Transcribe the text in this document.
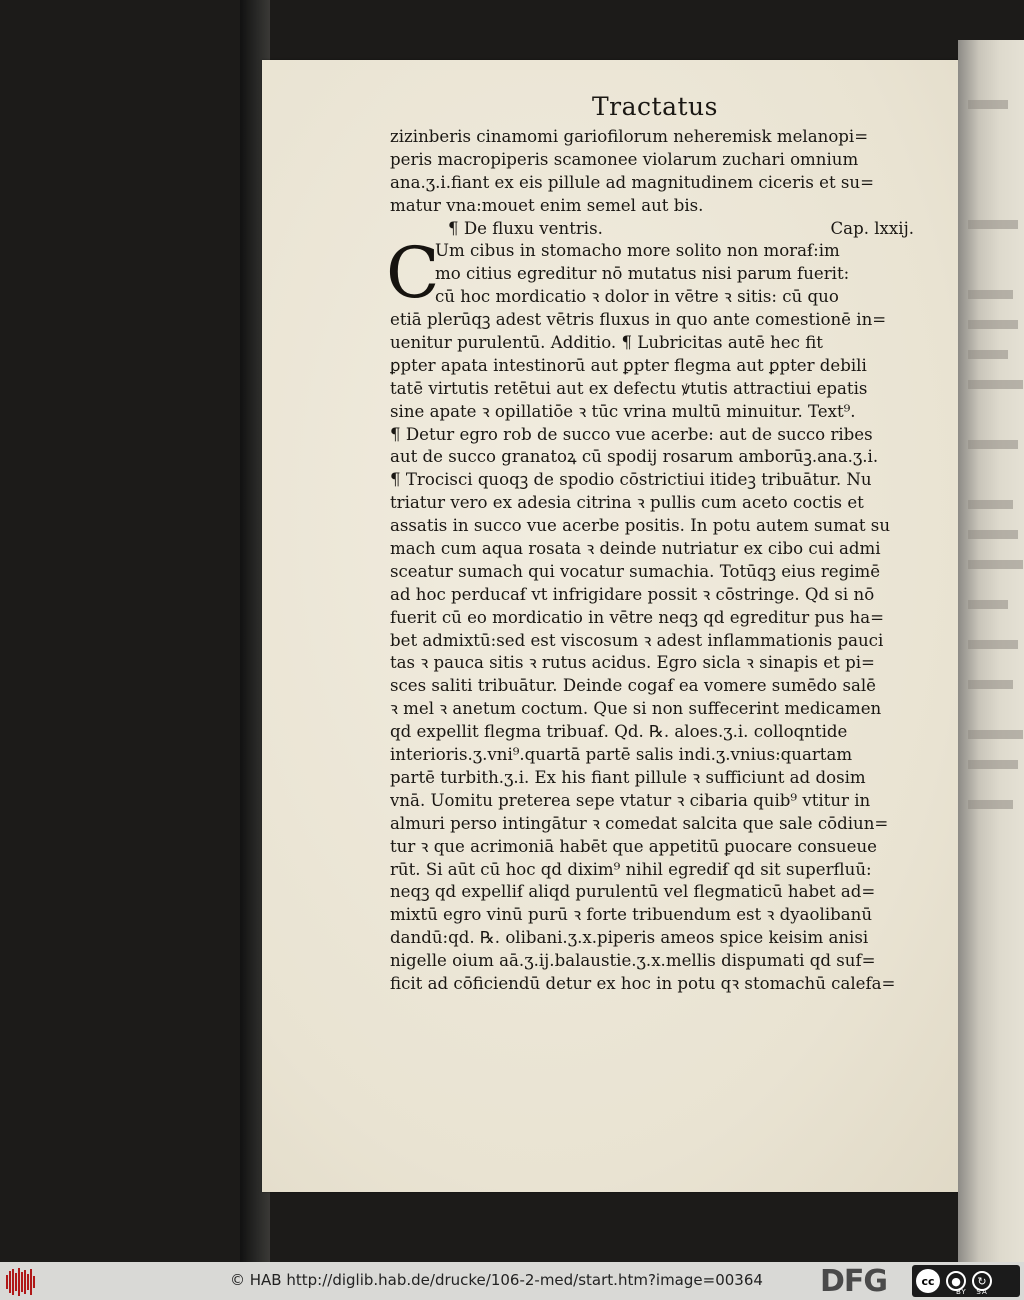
Tractatus
zizinberis cinamomi gariofilorum neheremisk melanopi=
peris macropiperis scamonee violarum zuchari omnium
ana.ʒ.i.fiant ex eis pillule ad magnitudinem ciceris et su=
matur vna:mouet enim semel aut bis.
¶ De fluxu ventris.	Cap. lxxij.
C
Um cibus in stomacho more solito non moraẜ:im
mo citius egreditur nō mutatus nisi parum fuerit:
cū hoc mordicatio ꝛ dolor in vētre ꝛ sitis: cū quo
etiā plerūqꝫ adest vētris fluxus in quo ante comestionē in=
uenitur purulentū. Additio. ¶ Lubricitas autē hec fit
ꝑpter apata intestinorū aut ꝑpter flegma aut ꝑpter debili
tatē virtutis retētui aut ex defectu ꝟtutis attractiui epatis
sine apate ꝛ opillatiōe ꝛ tūc vrina multū minuitur. Text⁹.
¶ Detur egro rob de succo vue acerbe: aut de succo ribes
aut de succo granatoꝝ cū spodij rosarum amborūꝫ.ana.ʒ.i.
¶ Trocisci quoqꝫ de spodio cōstrictiui itideꝫ tribuātur. Nu
triatur vero ex adesia citrina ꝛ pullis cum aceto coctis et
assatis in succo vue acerbe positis. In potu autem sumat su
mach cum aqua rosata ꝛ deinde nutriatur ex cibo cui admi
sceatur sumach qui vocatur sumachia. Totūqꝫ eius regimē
ad hoc perducaẜ vt infrigidare possit ꝛ cōstringe. Qd si nō
fuerit cū eo mordicatio in vētre neqꝫ qd egreditur pus ha=
bet admixtū:sed est viscosum ꝛ adest inflammationis pauci
tas ꝛ pauca sitis ꝛ rutus acidus. Egro sicla ꝛ sinapis et pi=
sces saliti tribuātur. Deinde cogaẜ ea vomere sumēdo salē
ꝛ mel ꝛ anetum coctum. Que si non suffecerint medicamen
qd expellit flegma tribuaẜ. Qd. ℞. aloes.ʒ.i. colloqntide
interioris.ʒ.vni⁹.quartā partē salis indi.ʒ.vnius:quartam
partē turbith.ʒ.i. Ex his fiant pillule ꝛ sufficiunt ad dosim
vnā. Uomitu preterea sepe vtatur ꝛ cibaria quib⁹ vtitur in
almuri perso intingātur ꝛ comedat salcita que sale cōdiun=
tur ꝛ que acrimoniā habēt que appetitū ꝑuocare consueue
rūt. Si aūt cū hoc qd dixim⁹ nihil egrediẜ qd sit superfluū:
neqꝫ qd expelliẜ aliqd purulentū vel flegmaticū habet ad=
mixtū egro vinū purū ꝛ forte tribuendum est ꝛ dyaolibanū
dandū:qd. ℞. olibani.ʒ.x.piperis ameos spice keisim anisi
nigelle oium aā.ʒ.ij.balaustie.ʒ.x.mellis dispumati qd suf=
ficit ad cōficiendū detur ex hoc in potu qꝛ stomachū calefa=
© HAB http://diglib.hab.de/drucke/106-2-med/start.htm?image=00364 DFG	cc	●	↻
BY SA
